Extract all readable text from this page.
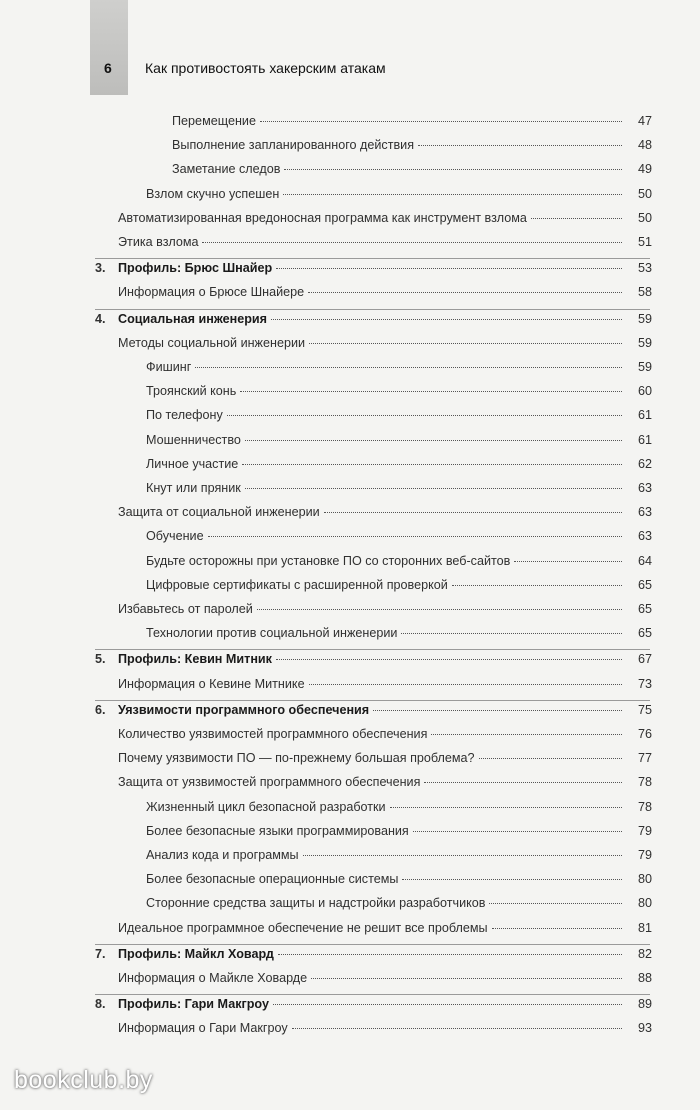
6 Как противостоять хакерским атакам
Перемещение	47
Выполнение запланированного действия	48
Заметание следов	49
Взлом скучно успешен	50
Автоматизированная вредоносная программа как инструмент взлома	50
Этика взлома	51
3. Профиль: Брюс Шнайер	53
Информация о Брюсе Шнайере	58
4. Социальная инженерия	59
Методы социальной инженерии	59
Фишинг	59
Троянский конь	60
По телефону	61
Мошенничество	61
Личное участие	62
Кнут или пряник	63
Защита от социальной инженерии	63
Обучение	63
Будьте осторожны при установке ПО со сторонних веб-сайтов	64
Цифровые сертификаты с расширенной проверкой	65
Избавьтесь от паролей	65
Технологии против социальной инженерии	65
5. Профиль: Кевин Митник	67
Информация о Кевине Митнике	73
6. Уязвимости программного обеспечения	75
Количество уязвимостей программного обеспечения	76
Почему уязвимости ПО — по-прежнему большая проблема?	77
Защита от уязвимостей программного обеспечения	78
Жизненный цикл безопасной разработки	78
Более безопасные языки программирования	79
Анализ кода и программы	79
Более безопасные операционные системы	80
Сторонние средства защиты и надстройки разработчиков	80
Идеальное программное обеспечение не решит все проблемы	81
7. Профиль: Майкл Ховард	82
Информация о Майкле Ховарде	88
8. Профиль: Гари Макгроу	89
Информация о Гари Макгроу	93
bookclub.by
